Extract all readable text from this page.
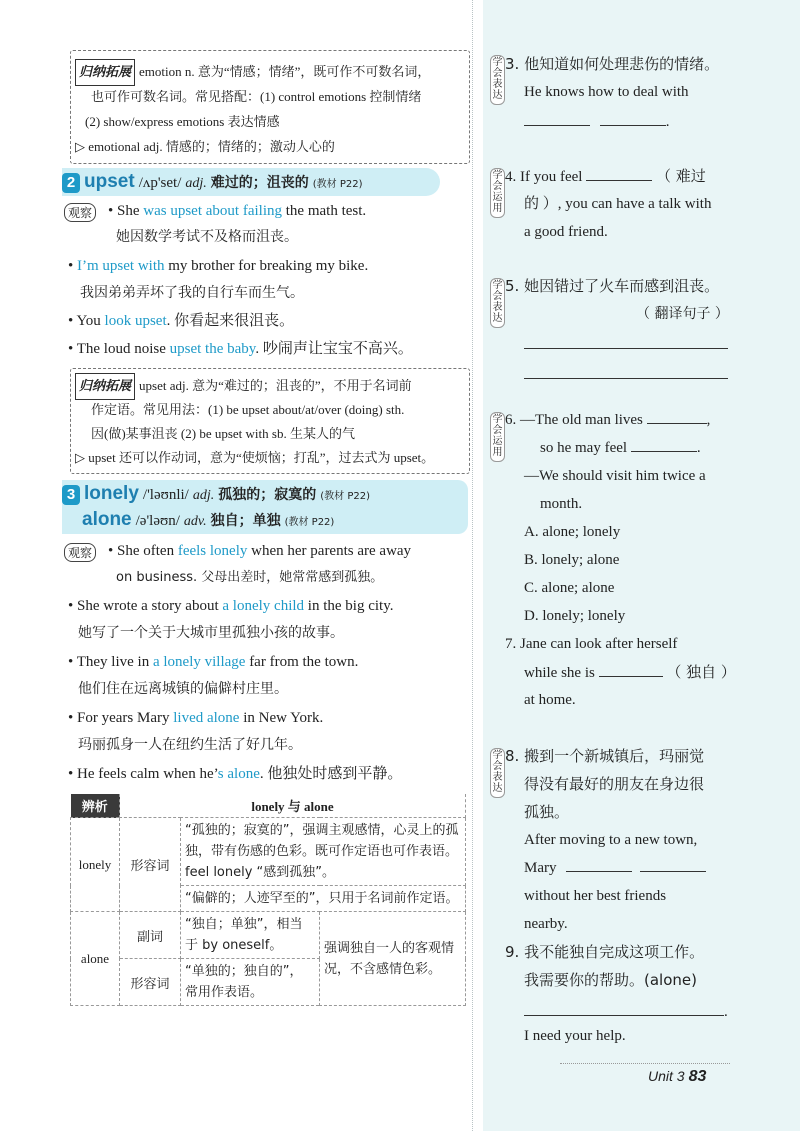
归纳拓展 emotion n. 意为“情感；情绪”，既可作不可数名词，
也可作可数名词。常见搭配：(1) control emotions 控制情绪
(2) show/express emotions 表达情感
▷ emotional adj. 情感的；情绪的；激动人心的
2 upset /ʌp'set/ adj. 难过的；沮丧的 (教材 P22)
观察 • She was upset about failing the math test.
她因数学考试不及格而沮丧。
• I’m upset with my brother for breaking my bike.
我因弟弟弄坏了我的自行车而生气。
• You look upset. 你看起来很沮丧。
• The loud noise upset the baby. 吵闹声让宝宝不高兴。
归纳拓展 upset adj. 意为“难过的；沮丧的”，不用于名词前
作定语。常见用法：(1) be upset about/at/over (doing) sth.
因(做)某事沮丧 (2) be upset with sb. 生某人的气
▷ upset 还可以作动词，意为“使烦恼；打乱”，过去式为 upset。
3 lonely /'ləʊnli/ adj. 孤独的；寂寞的 (教材 P22)
alone /ə'ləʊn/ adv. 独自；单独 (教材 P22)
观察 • She often feels lonely when her parents are away
on business. 父母出差时，她常常感到孤独。
• She wrote a story about a lonely child in the big city.
她写了一个关于大城市里孤独小孩的故事。
• They live in a lonely village far from the town.
他们住在远离城镇的偏僻村庄里。
• For years Mary lived alone in New York.
玛丽孤身一人在纽约生活了好几年。
• He feels calm when he’s alone. 他独处时感到平静。
辨析	lonely 与 alone		
lonely	形容词	“孤独的；寂寞的”，强调主观感情，心灵上的孤独，带有伤感的色彩。既可作定语也可作表语。feel lonely “感到孤独”。	
		“偏僻的；人迹罕至的”，只用于名词前作定语。	
alone	副词	“独自；单独”，相当于 by oneself。	强调独自一人的客观情况，不含感情色彩。
	形容词	“单独的；独自的”，常用作表语。	
学会表达
3. 他知道如何处理悲伤的情绪。
He knows how to deal with
.
学会运用
4. If you feel	（ 难过
的 ）, you can have a talk with
a good friend.
学会表达
5. 她因错过了火车而感到沮丧。
（ 翻译句子 ）
学会运用
6. —The old man lives	,
so he may feel	.
—We should visit him twice a
month.
A. alone; lonely
B. lonely; alone
C. alone; alone
D. lonely; lonely
7. Jane can look after herself
while she is	（ 独自 ）
at home.
学会表达
8. 搬到一个新城镇后，玛丽觉
得没有最好的朋友在身边很
孤独。
After moving to a new town,
Mary
without her best friends
nearby.
9. 我不能独自完成这项工作。
我需要你的帮助。(alone)
.
I need your help.
Unit 3 83
